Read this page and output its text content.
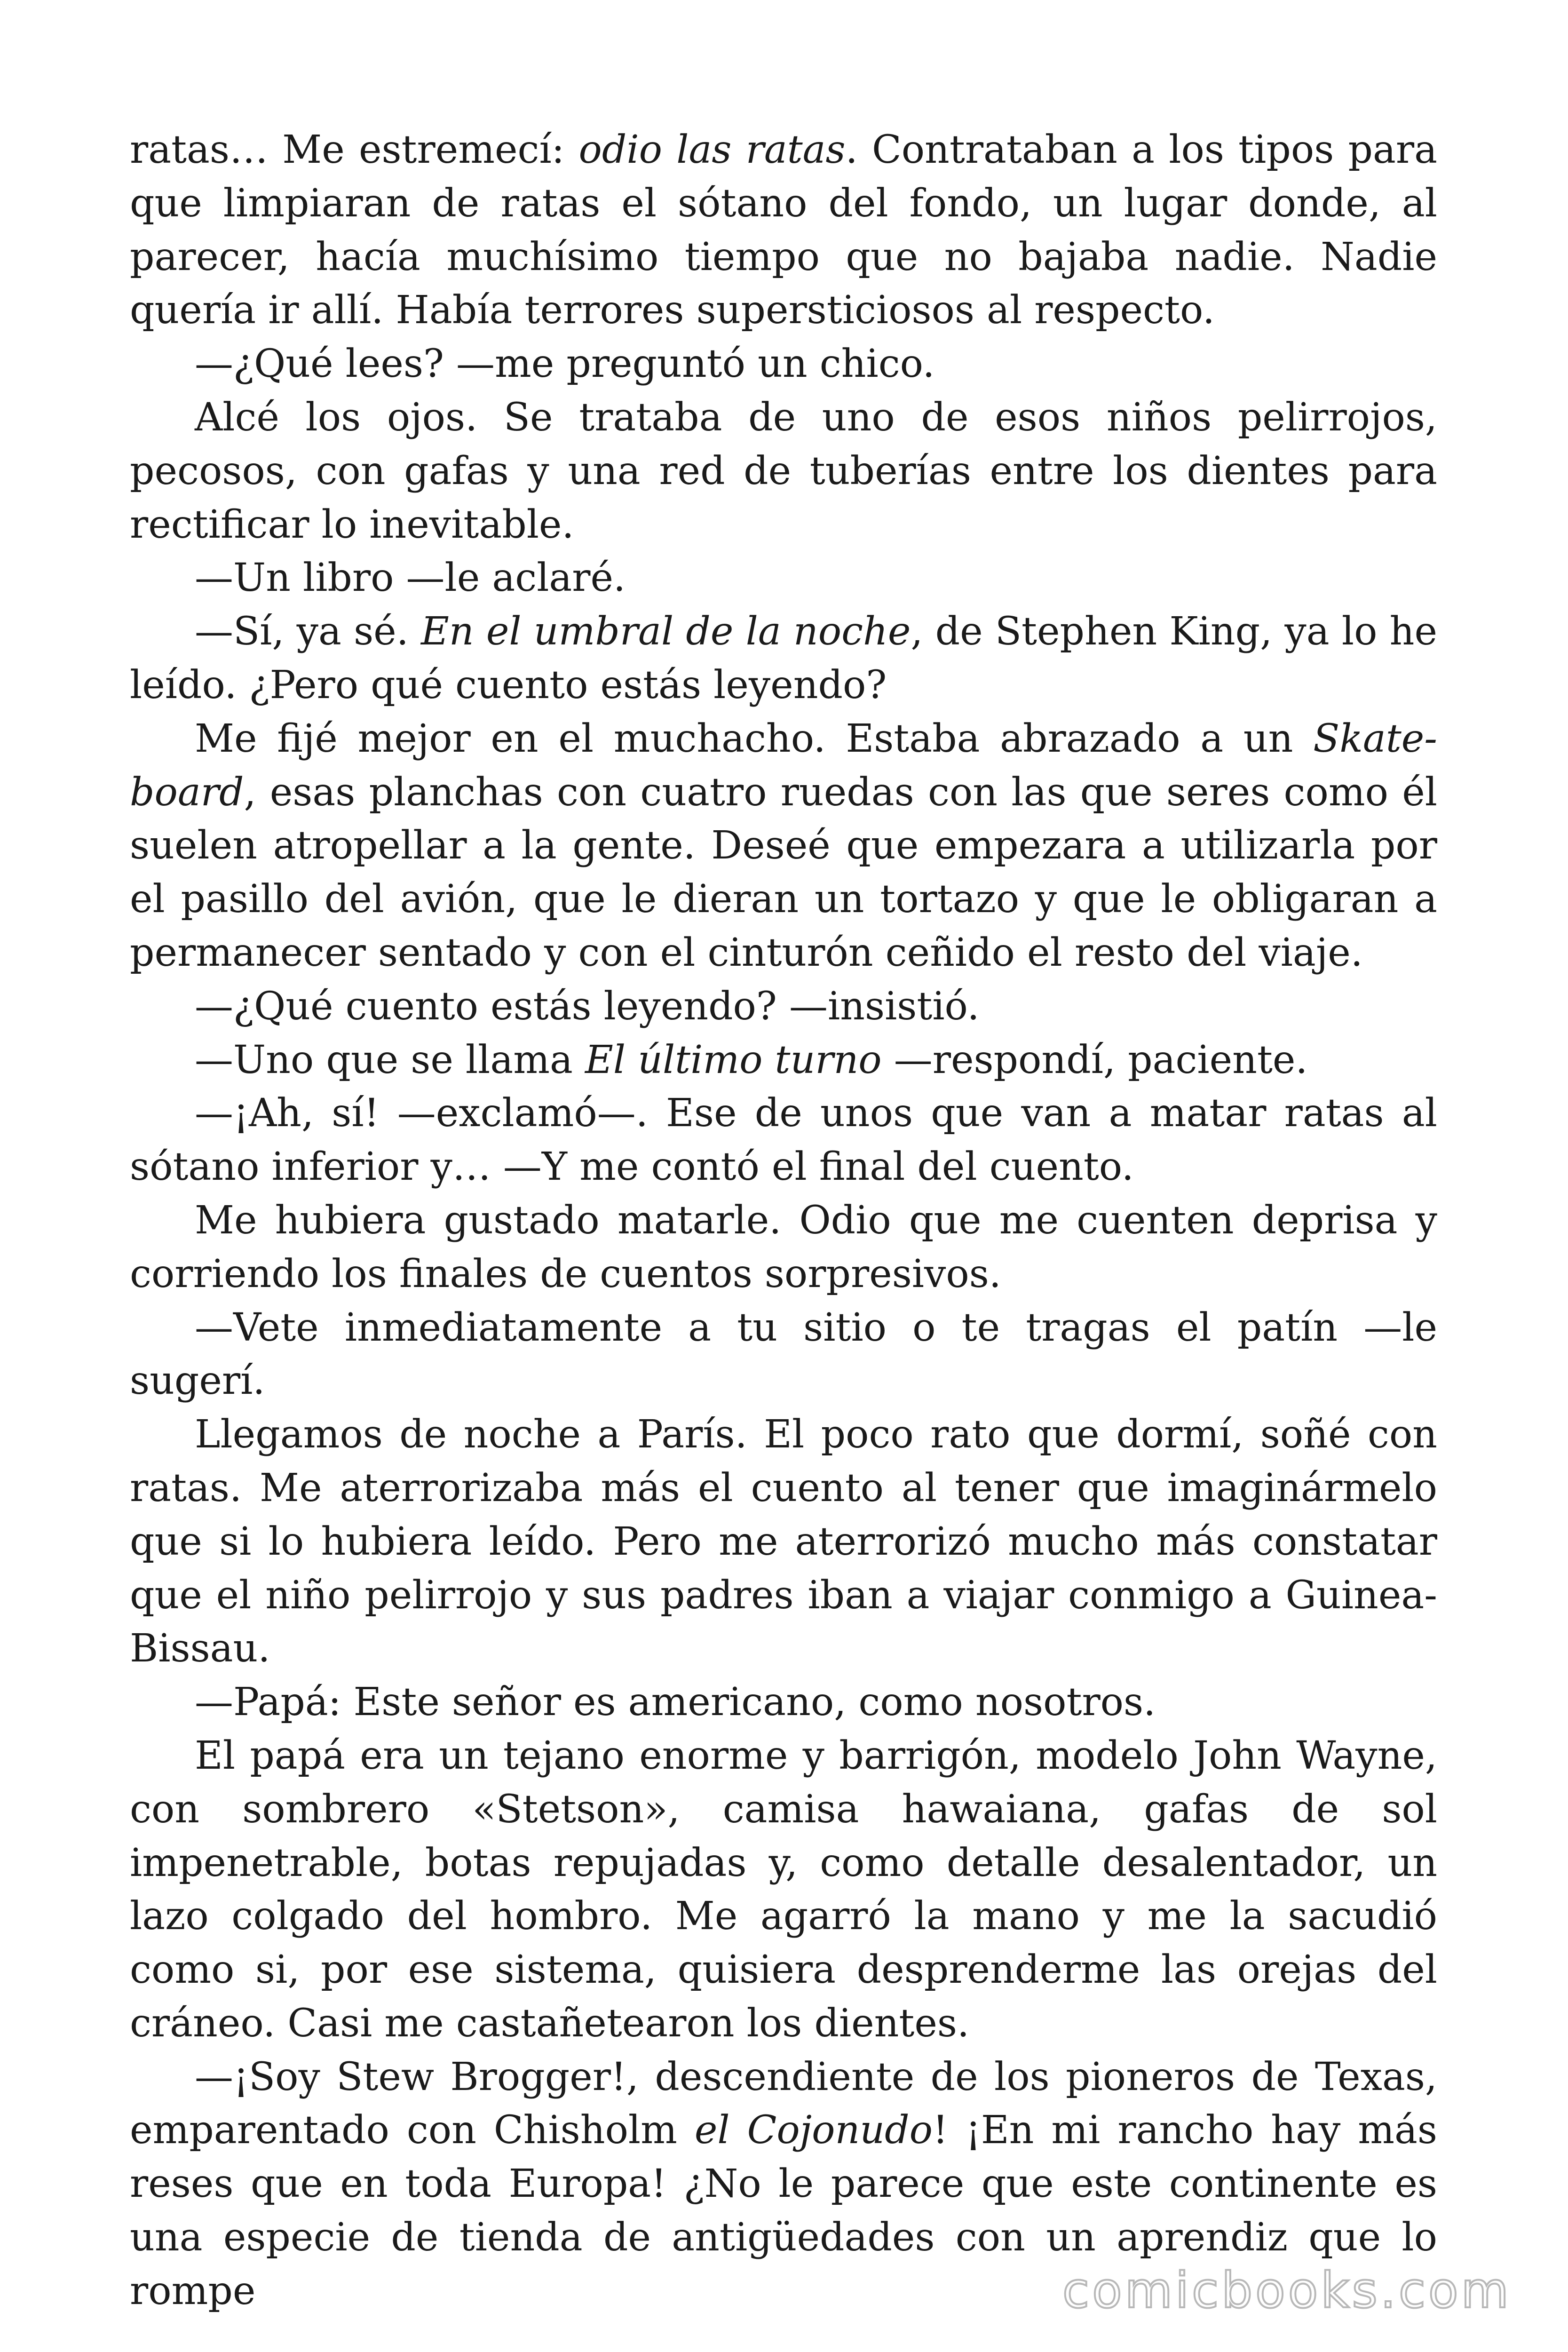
ratas… Me estremecí: odio las ratas. Contrataban a los tipos para que limpiaran de ratas el sótano del fondo, un lugar donde, al parecer, hacía muchísimo tiempo que no bajaba nadie. Nadie quería ir allí. Había terrores supersticiosos al respecto.

—¿Qué lees? —me preguntó un chico.

Alcé los ojos. Se trataba de uno de esos niños pelirrojos, pecosos, con gafas y una red de tuberías entre los dientes para rectificar lo inevitable.

—Un libro —le aclaré.

—Sí, ya sé. En el umbral de la noche, de Stephen King, ya lo he leído. ¿Pero qué cuento estás leyendo?

Me fijé mejor en el muchacho. Estaba abrazado a un Skate-board, esas planchas con cuatro ruedas con las que seres como él suelen atropellar a la gente. Deseé que empezara a utilizarla por el pasillo del avión, que le dieran un tortazo y que le obligaran a permanecer sentado y con el cinturón ceñido el resto del viaje.

—¿Qué cuento estás leyendo? —insistió.

—Uno que se llama El último turno —respondí, paciente.

—¡Ah, sí! —exclamó—. Ese de unos que van a matar ratas al sótano inferior y… —Y me contó el final del cuento.

Me hubiera gustado matarle. Odio que me cuenten deprisa y corriendo los finales de cuentos sorpresivos.

—Vete inmediatamente a tu sitio o te tragas el patín —le sugerí.

Llegamos de noche a París. El poco rato que dormí, soñé con ratas. Me aterrorizaba más el cuento al tener que imaginármelo que si lo hubiera leído. Pero me aterrorizó mucho más constatar que el niño pelirrojo y sus padres iban a viajar conmigo a Guinea-Bissau.

—Papá: Este señor es americano, como nosotros.

El papá era un tejano enorme y barrigón, modelo John Wayne, con sombrero «Stetson», camisa hawaiana, gafas de sol impenetrable, botas repujadas y, como detalle desalentador, un lazo colgado del hombro. Me agarró la mano y me la sacudió como si, por ese sistema, quisiera desprenderme las orejas del cráneo. Casi me castañetearon los dientes.

—¡Soy Stew Brogger!, descendiente de los pioneros de Texas, emparentado con Chisholm el Cojonudo! ¡En mi rancho hay más reses que en toda Europa! ¿No le parece que este continente es una especie de tienda de antigüedades con un aprendiz que lo rompe	comicbooks.com
